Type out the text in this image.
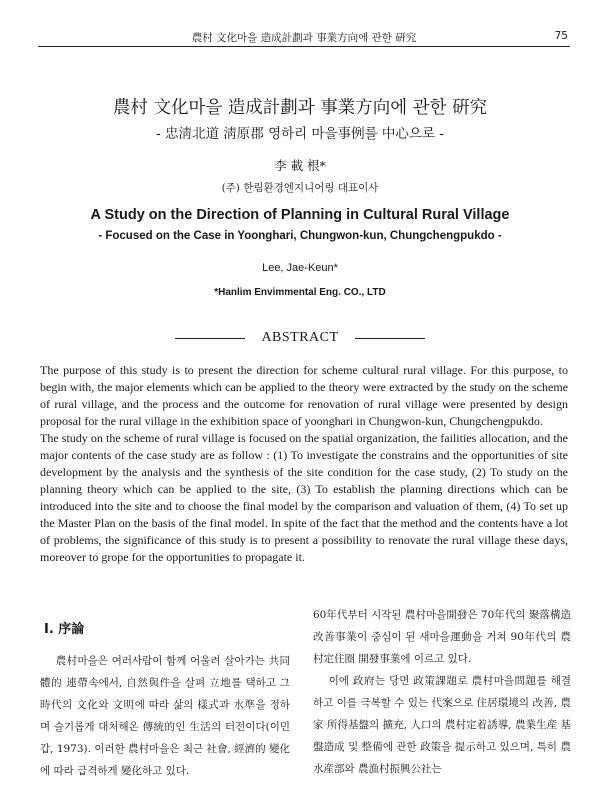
農村 文化마을 造成計劃과 事業方向에 관한 硏究	75
農村 文化마을 造成計劃과 事業方向에 관한 硏究
- 忠淸北道 淸原郡 영하리 마을事例를 中心으로 -
李 載 根*
(주) 한림환경엔지니어링 대표이사
A Study on the Direction of Planning in Cultural Rural Village
- Focused on the Case in Yoonghari, Chungwon-kun, Chungchengpukdo -
Lee, Jae-Keun*
*Hanlim Envimmental Eng. CO., LTD
ABSTRACT

The purpose of this study is to present the direction for scheme cultural rural village. For this purpose, to begin with, the major elements which can be applied to the theory were extracted by the study on the scheme of rural village, and the process and the outcome for renovation of rural village were presented by design proposal for the rural village in the exhibition space of yoonghari in Chungwon-kun, Chungchengpukdo.

The study on the scheme of rural village is focused on the spatial organization, the failities allocation, and the major contents of the case study are as follow : (1) To investigate the constrains and the opportunities of site development by the analysis and the synthesis of the site condition for the case study, (2) To study on the planning theory which can be applied to the site, (3) To establish the planning directions which can be introduced into the site and to choose the final model by the comparison and valuation of them, (4) To set up the Master Plan on the basis of the final model. In spite of the fact that the method and the contents have a lot of problems, the significance of this study is to present a possibility to renovate the rural village these days, moreover to grope for the opportunities to propagate it.

Ⅰ. 序論

農村마을은 여러사람이 함께 어울려 살아가는 共同體的 連帶속에서, 自然與件을 살펴 立地를 택하고 그 時代의 文化와 文明에 따라 삶의 樣式과 水準을 정하며 슬기롭게 대처해온 傳統的인 生活의 터전이다(이민갑, 1973). 이러한 農村마을은 최근 社會, 經濟的 變化에 따라 급격하게 變化하고 있다.

60年代부터 시작된 農村마을開發은 70年代의 聚落構造改善事業이 중심이 된 새마을運動을 거쳐 90年代의 農村定住圈 開發事業에 이르고 있다.

이에 政府는 당면 政策課題로 農村마을問題를 해결하고 이를 극복할 수 있는 代案으로 住居環境의 改善, 農家 所得基盤의 擴充, 人口의 農村定着誘導, 農業生産 基盤造成 및 整備에 관한 政策을 提示하고 있으며, 특히 農水産部와 農漁村振興公社는
